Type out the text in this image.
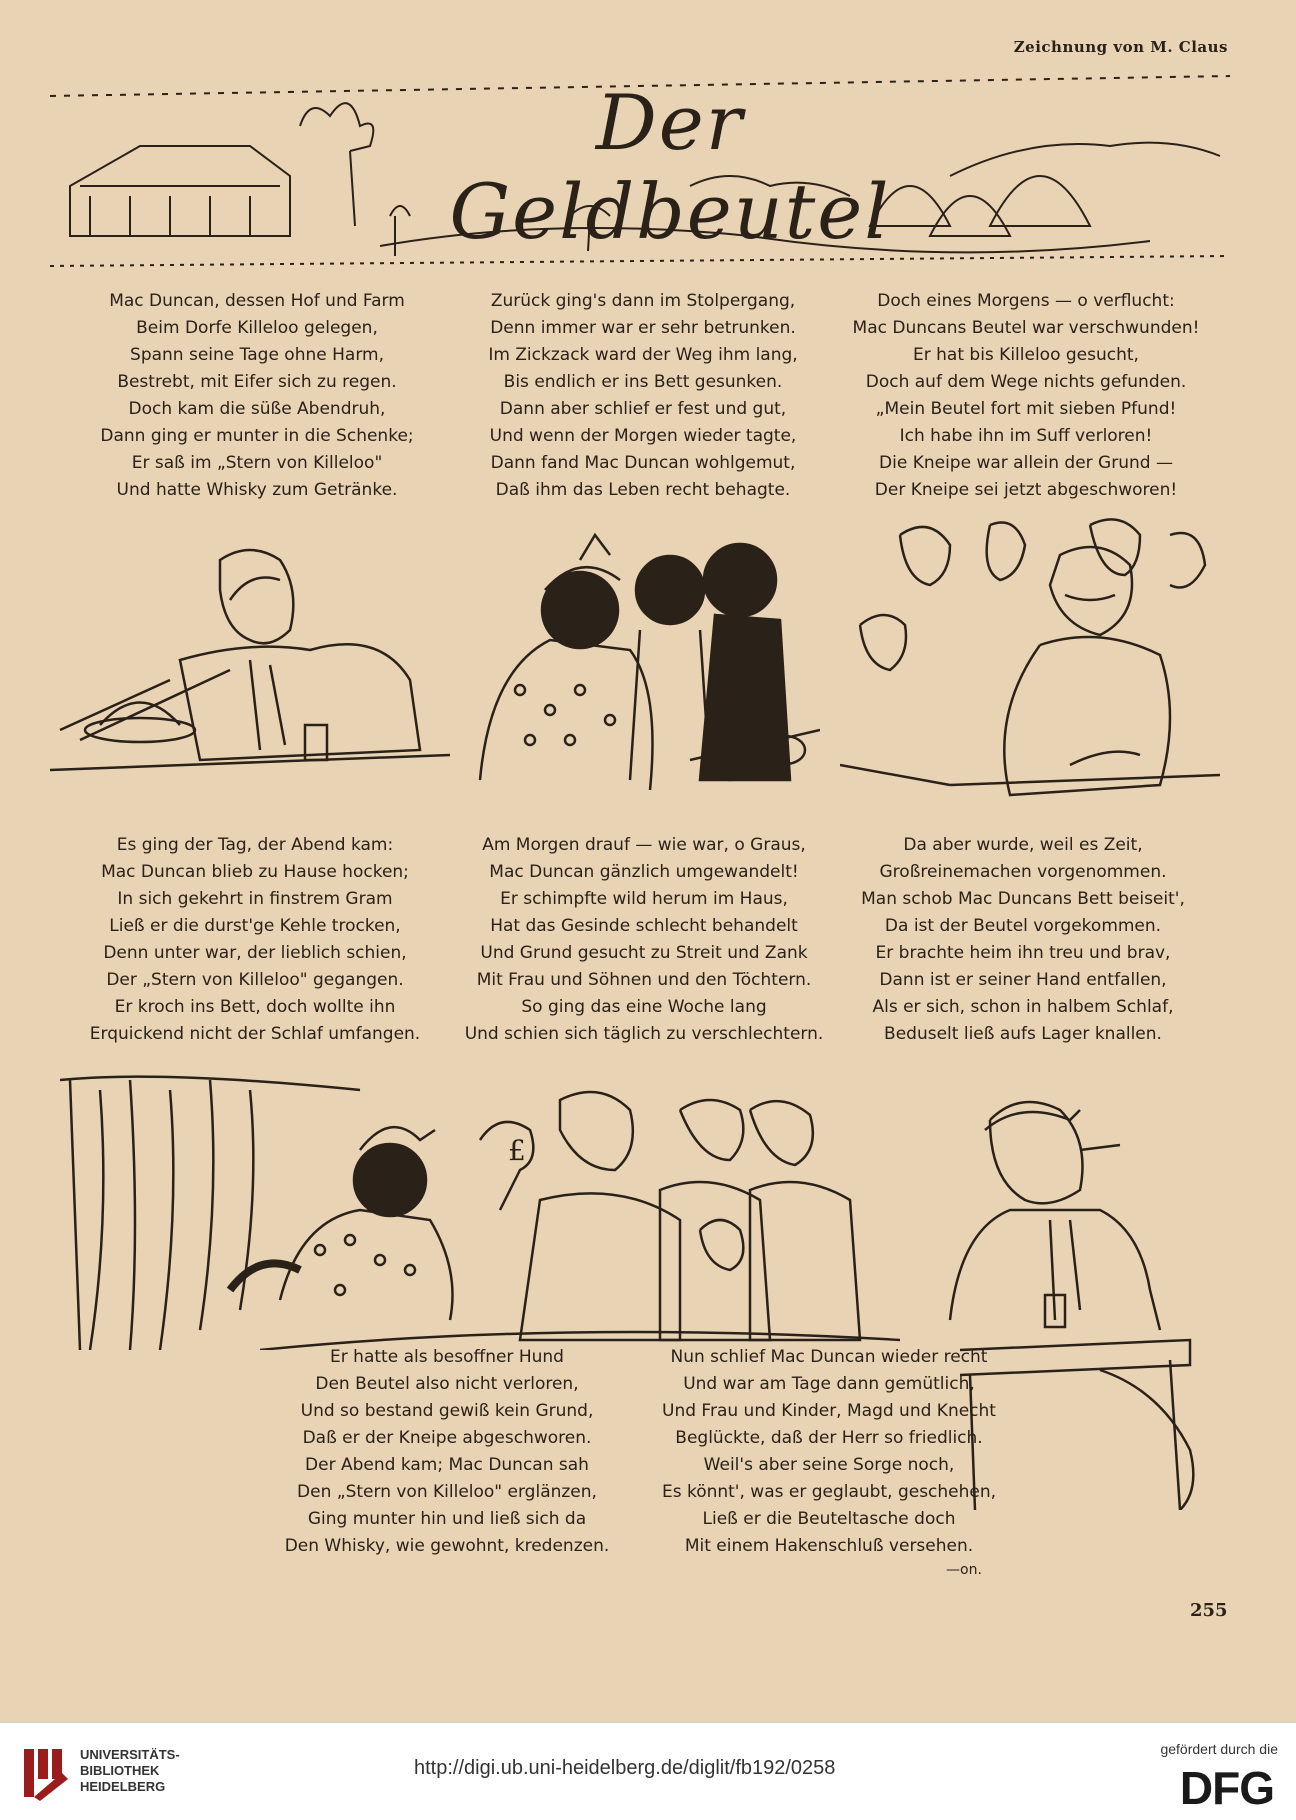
Zeichnung von M. Claus
Der Geldbeutel
Mac Duncan, dessen Hof und Farm
Beim Dorfe Killeloo gelegen,
Spann seine Tage ohne Harm,
Bestrebt, mit Eifer sich zu regen.
Doch kam die süße Abendruh,
Dann ging er munter in die Schenke;
Er saß im „Stern von Killeloo"
Und hatte Whisky zum Getränke.
Zurück ging's dann im Stolpergang,
Denn immer war er sehr betrunken.
Im Zickzack ward der Weg ihm lang,
Bis endlich er ins Bett gesunken.
Dann aber schlief er fest und gut,
Und wenn der Morgen wieder tagte,
Dann fand Mac Duncan wohlgemut,
Daß ihm das Leben recht behagte.
Doch eines Morgens — o verflucht:
Mac Duncans Beutel war verschwunden!
Er hat bis Killeloo gesucht,
Doch auf dem Wege nichts gefunden.
„Mein Beutel fort mit sieben Pfund!
Ich habe ihn im Suff verloren!
Die Kneipe war allein der Grund —
Der Kneipe sei jetzt abgeschworen!
Es ging der Tag, der Abend kam:
Mac Duncan blieb zu Hause hocken;
In sich gekehrt in finstrem Gram
Ließ er die durst'ge Kehle trocken,
Denn unter war, der lieblich schien,
Der „Stern von Killeloo" gegangen.
Er kroch ins Bett, doch wollte ihn
Erquickend nicht der Schlaf umfangen.
Am Morgen drauf — wie war, o Graus,
Mac Duncan gänzlich umgewandelt!
Er schimpfte wild herum im Haus,
Hat das Gesinde schlecht behandelt
Und Grund gesucht zu Streit und Zank
Mit Frau und Söhnen und den Töchtern.
So ging das eine Woche lang
Und schien sich täglich zu verschlechtern.
Da aber wurde, weil es Zeit,
Großreinemachen vorgenommen.
Man schob Mac Duncans Bett beiseit',
Da ist der Beutel vorgekommen.
Er brachte heim ihn treu und brav,
Dann ist er seiner Hand entfallen,
Als er sich, schon in halbem Schlaf,
Beduselt ließ aufs Lager knallen.
£
Er hatte als besoffner Hund
Den Beutel also nicht verloren,
Und so bestand gewiß kein Grund,
Daß er der Kneipe abgeschworen.
Der Abend kam; Mac Duncan sah
Den „Stern von Killeloo" erglänzen,
Ging munter hin und ließ sich da
Den Whisky, wie gewohnt, kredenzen.
Nun schlief Mac Duncan wieder recht
Und war am Tage dann gemütlich,
Und Frau und Kinder, Magd und Knecht
Beglückte, daß der Herr so friedlich.
Weil's aber seine Sorge noch,
Es könnt', was er geglaubt, geschehen,
Ließ er die Beuteltasche doch
Mit einem Hakenschluß versehen.
—on.
255
UNIVERSITÄTS-
BIBLIOTHEK
HEIDELBERG
http://digi.ub.uni-heidelberg.de/diglit/fb192/0258
gefördert durch die
DFG
